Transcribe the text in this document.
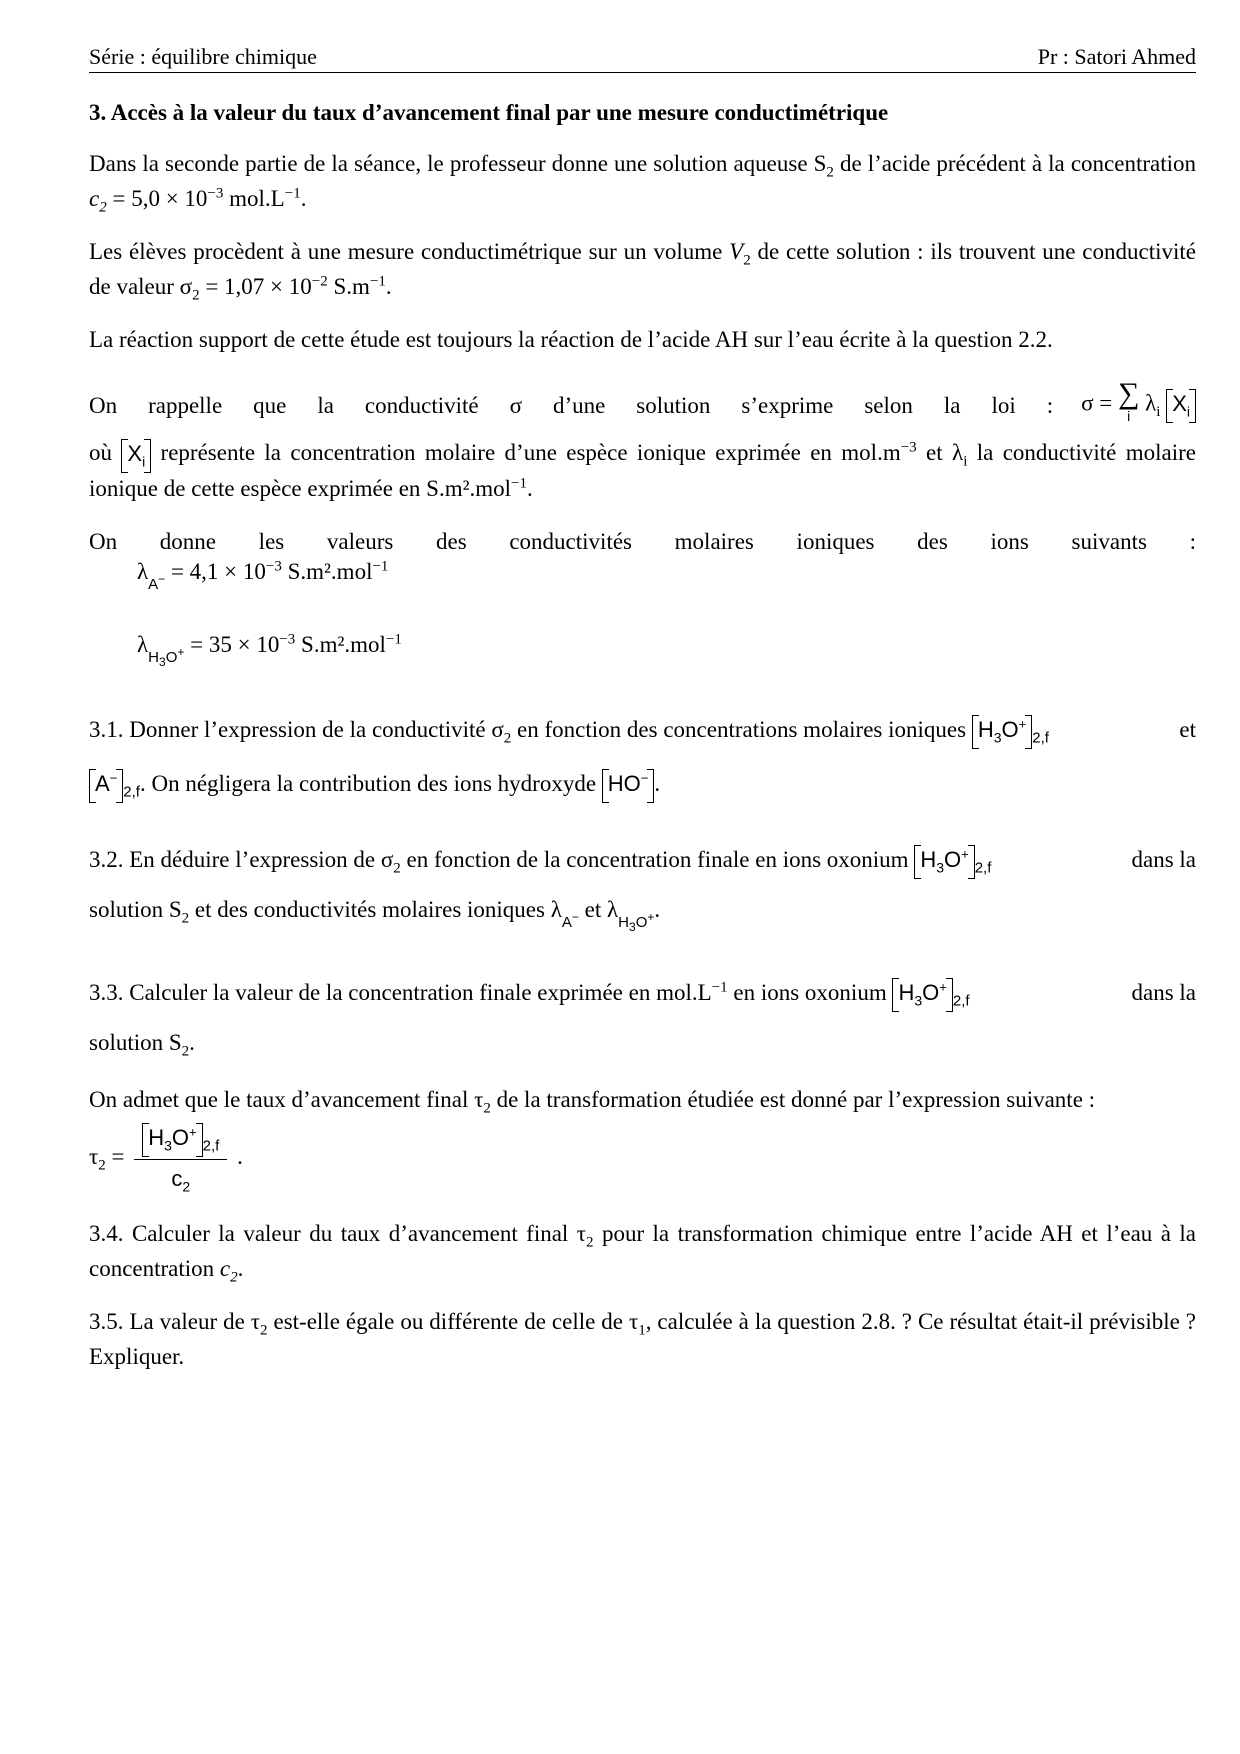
Série : équilibre chimique	Pr : Satori Ahmed
3. Accès à la valeur du taux d’avancement final par une mesure conductimétrique

Dans la seconde partie de la séance, le professeur donne une solution aqueuse $S_2$ de l’acide précédent à la concentration $c_2 = 5,0 \times 10^{-3}$ $mol.L^{-1}$.

Les élèves procèdent à une mesure conductimétrique sur un volume $V_2$ de cette solution : ils trouvent une conductivité de valeur $\sigma_2 = 1,07 \times 10^{-2}$ $S.m^{-1}$.

La réaction support de cette étude est toujours la réaction de l’acide AH sur l’eau écrite à la question 2.2.

On rappelle que la conductivité σ d’une solution s’exprime selon la loi : σ = ∑
i
$\lambda_i$ $X_i$

où $X_i$
représente la concentration molaire d’une espèce ionique exprimée en $mol.m^{-3}$ et $\lambda_i$ la conductivité molaire ionique de cette espèce exprimée en S.m².mol$^{-1}$.

On donne les valeurs des conductivités molaires ioniques des ions suivants :

$\lambda_{A^-} = 4,1 \times 10^{-3}$ S.m².mol$^{-1}$
$\lambda_{H_3O^+} = 35 \times 10^{-3}$ S.m².mol$^{-1}$

3.1. Donner l’expression de la conductivité $\sigma_2$ en fonction des concentrations molaires ioniques $H_3O^+$
$_{2,f}$	et

A−
$_{2,f}$. On négligera la contribution des ions hydroxyde HO− .

3.2. En déduire l’expression de $\sigma_2$ en fonction de la concentration finale en ions oxonium $H_3O^+$
$_{2,f}$	dans la

solution $S_2$ et des conductivités molaires ioniques $\lambda_{A^-}$ et $\lambda_{H_3O^+}$.

3.3. Calculer la valeur de la concentration finale exprimée en $mol.L^{-1}$ en ions oxonium $H_3O^+$
$_{2,f}$	dans la

solution $S_2$.

On admet que le taux d’avancement final $\tau_2$ de la transformation étudiée est donné par l’expression suivante :

$\tau_2 = H_3O^+$
$_{2,f}$
$c_2$ .

3.4. Calculer la valeur du taux d’avancement final $\tau_2$ pour la transformation chimique entre l’acide AH et l’eau à la concentration $c_2$.

3.5. La valeur de $\tau_2$ est-elle égale ou différente de celle de $\tau_1$, calculée à la question 2.8. ? Ce résultat était-il prévisible ? Expliquer.
